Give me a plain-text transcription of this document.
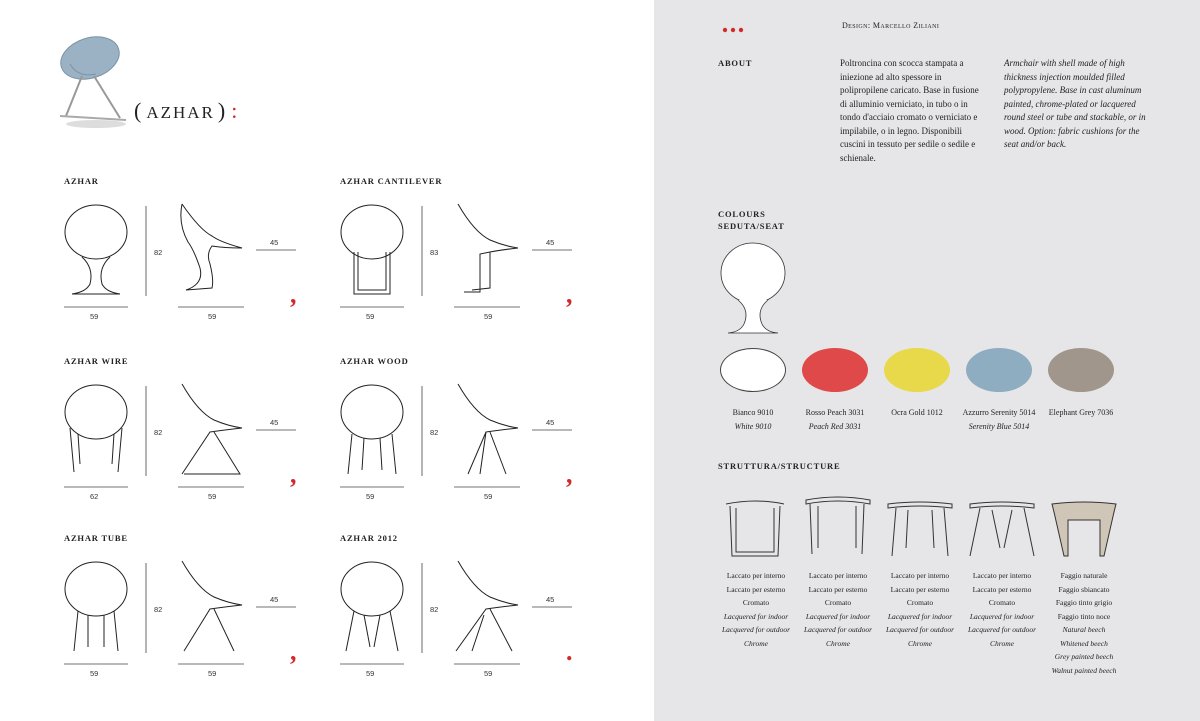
( AZHAR ) :
AZHAR
82
45
59	59
,
AZHAR CANTILEVER
83
45
59	59
,
AZHAR WIRE
82
45
62	59
,
AZHAR WOOD
82
45
59	59
,
AZHAR TUBE
82
45
59	59
,
AZHAR 2012
82
45
59	59
.
Design: Marcello Ziliani
ABOUT	Poltroncina con scocca stampata a iniezione ad alto spessore in polipropilene caricato. Base in fusione di alluminio verniciato, in tubo o in tondo d'acciaio cromato o verniciato e impilabile, o in legno. Disponibili cuscini in tessuto per sedile o sedile e schienale.
Armchair with shell made of high thickness injection moulded filled polypropylene. Base in cast aluminum painted, chrome-plated or lacquered round steel or tube and stackable, or in wood. Option: fabric cushions for the seat and/or back.
COLOURS
SEDUTA/SEAT
Bianco 9010
White 9010
Rosso Peach 3031
Peach Red 3031
Ocra Gold 1012	Azzurro Serenity 5014
Serenity Blue 5014
Elephant Grey 7036
STRUTTURA/STRUCTURE
Laccato per interno
Laccato per esterno
Cromato
Lacquered for indoor
Lacquered for outdoor
Chrome
Laccato per interno
Laccato per esterno
Cromato
Lacquered for indoor
Lacquered for outdoor
Chrome
Laccato per interno
Laccato per esterno
Cromato
Lacquered for indoor
Lacquered for outdoor
Chrome
Laccato per interno
Laccato per esterno
Cromato
Lacquered for indoor
Lacquered for outdoor
Chrome
Faggio naturale
Faggio sbiancato
Faggio tinto grigio
Faggio tinto noce
Natural beech
Whitened beech
Grey painted beech
Walnut painted beech
